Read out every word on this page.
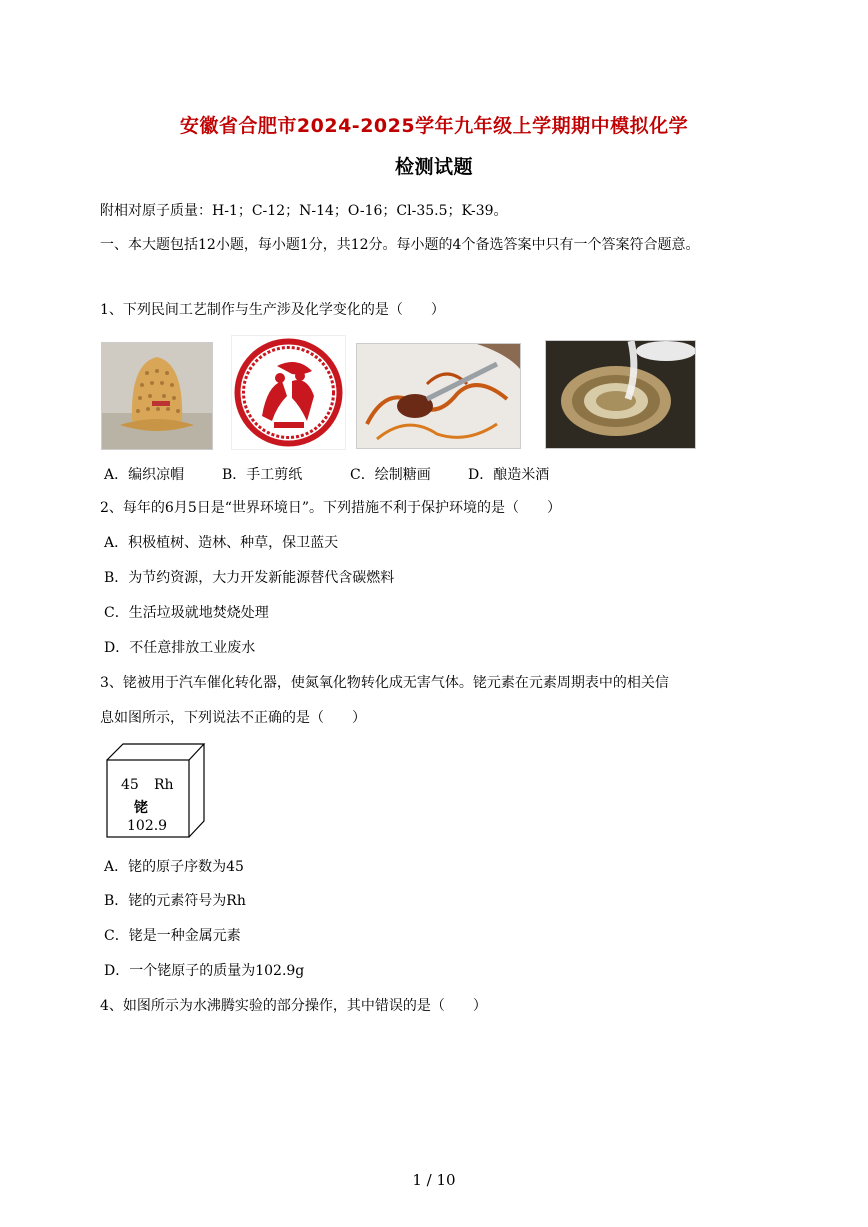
安徽省合肥市2024-2025学年九年级上学期期中模拟化学
检测试题
附相对原子质量：H-1；C-12；N-14；O-16；Cl-35.5；K-39。
一、本大题包括12小题，每小题1分，共12分。每小题的4个备选答案中只有一个答案符合题意。
1、下列民间工艺制作与生产涉及化学变化的是（　　）
A．编织凉帽	B．手工剪纸	C．绘制糖画	D．酿造米酒
2、每年的6月5日是“世界环境日”。下列措施不利于保护环境的是（　　）
A．积极植树、造林、种草，保卫蓝天
B．为节约资源，大力开发新能源替代含碳燃料
C．生活垃圾就地焚烧处理
D．不任意排放工业废水
3、铑被用于汽车催化转化器，使氮氧化物转化成无害气体。铑元素在元素周期表中的相关信
息如图所示，下列说法不正确的是（　　）
45 Rh
铑
102.9
A．铑的原子序数为45
B．铑的元素符号为Rh
C．铑是一种金属元素
D．一个铑原子的质量为102.9g
4、如图所示为水沸腾实验的部分操作，其中错误的是（　　）
1 / 10
